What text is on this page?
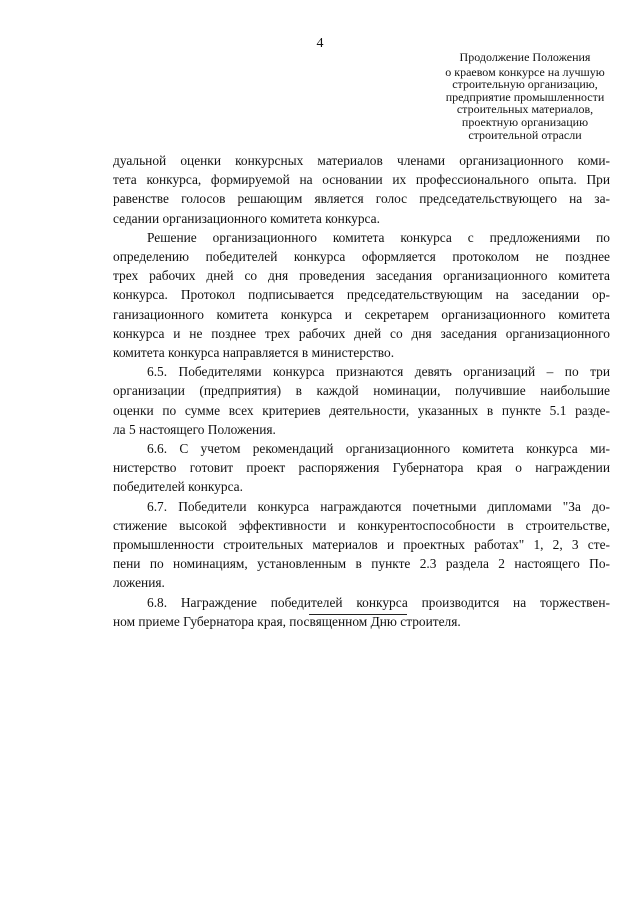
4
Продолжение Положения
о краевом конкурсе на лучшую
строительную организацию,
предприятие промышленности
строительных материалов,
проектную организацию
строительной отрасли
дуальной оценки конкурсных материалов членами организационного коми-
тета конкурса, формируемой на основании их профессионального опыта. При
равенстве голосов решающим является голос председательствующего на за-
седании организационного комитета конкурса.
Решение организационного комитета конкурса с предложениями по
определению победителей конкурса оформляется протоколом не позднее
трех рабочих дней со дня проведения заседания организационного комитета
конкурса. Протокол подписывается председательствующим на заседании ор-
ганизационного комитета конкурса и секретарем организационного комитета
конкурса и не позднее трех рабочих дней со дня заседания организационного
комитета конкурса направляется в министерство.
6.5. Победителями конкурса признаются девять организаций – по три
организации (предприятия) в каждой номинации, получившие наибольшие
оценки по сумме всех критериев деятельности, указанных в пункте 5.1 разде-
ла 5 настоящего Положения.
6.6. С учетом рекомендаций организационного комитета конкурса ми-
нистерство готовит проект распоряжения Губернатора края о награждении
победителей конкурса.
6.7. Победители конкурса награждаются почетными дипломами "За до-
стижение высокой эффективности и конкурентоспособности в строительстве,
промышленности строительных материалов и проектных работах" 1, 2, 3 сте-
пени по номинациям, установленным в пункте 2.3 раздела 2 настоящего По-
ложения.
6.8. Награждение победителей конкурса производится на торжествен-
ном приеме Губернатора края, посвященном Дню строителя.
